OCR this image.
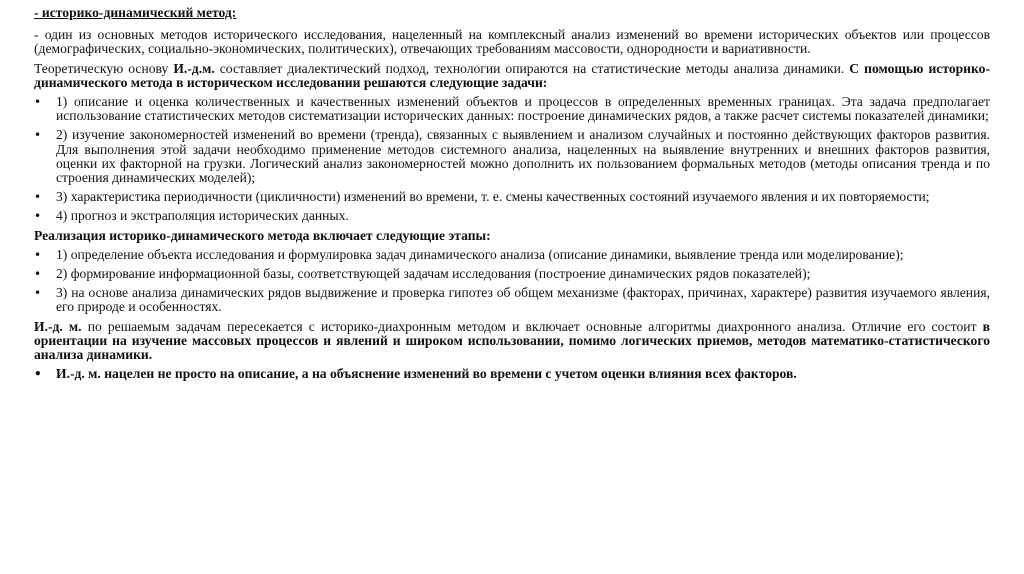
- историко-динамический метод:
- один из основных методов исторического исследования, нацеленный на комплексный анализ изменений во времени исторических объектов или процессов (демографических, социально-экономических, политических), отвечающих требованиям массовости, однородности и вариативности.
Теоретическую основу И.-д.м. составляет диалектический подход, технологии опираются на статистические методы анализа динамики. С помощью историко-динамического метода в историческом исследовании решаются следующие задачи:
• 1) описание и оценка количественных и качественных изменений объектов и процессов в определенных временных границах. Эта задача предполагает использование статистических методов систематизации исторических данных: построение динамических рядов, а также расчет системы показателей динамики;
• 2) изучение закономерностей изменений во времени (тренда), связанных с выявлением и анализом случайных и постоянно действующих факторов развития. Для выполнения этой задачи необходимо применение методов системного анализа, нацеленных на выявление внутренних и внешних факторов развития, оценки их факторной на грузки. Логический анализ закономерностей можно дополнить их пользованием формальных методов (методы описания тренда и по строения динамических моделей);
• 3) характеристика периодичности (цикличности) изменений во времени, т. е. смены качественных состояний изучаемого явления и их повторяемости;
• 4) прогноз и экстраполяция исторических данных.
Реализация историко-динамического метода включает следующие этапы:
• 1) определение объекта исследования и формулировка задач динамического анализа (описание динамики, выявление тренда или моделирование);
• 2) формирование информационной базы, соответствующей задачам исследования (построение динамических рядов показателей);
• 3) на основе анализа динамических рядов выдвижение и проверка гипотез об общем механизме (факторах, причинах, характере) развития изучаемого явления, его природе и особенностях.
И.-д. м. по решаемым задачам пересекается с историко-диахронным методом и включает основные алгоритмы диахронного анализа. Отличие его состоит в ориентации на изучение массовых процессов и явлений и широком использовании, помимо логических приемов, методов математико-статистического анализа динамики.
• И.-д. м. нацелен не просто на описание, а на объяснение изменений во времени с учетом оценки влияния всех факторов.
